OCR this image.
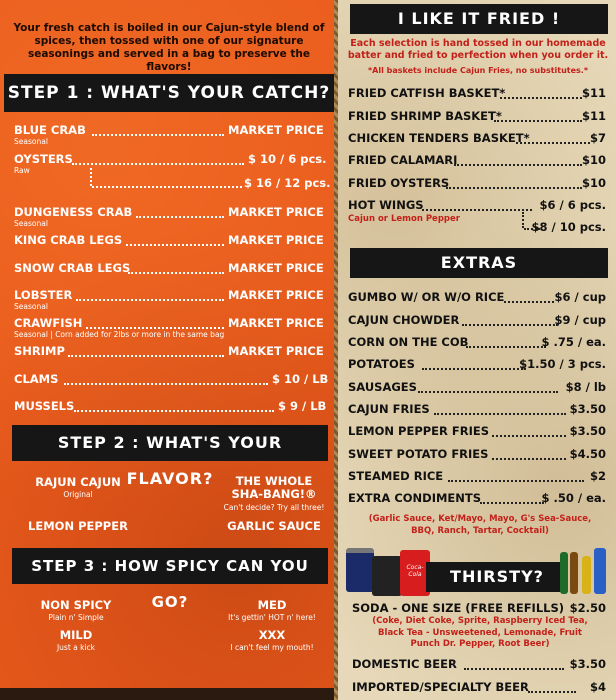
Your fresh catch is boiled in our Cajun-style blend of spices, then tossed with one of our signature seasonings and served in a bag to preserve the flavors!
STEP 1 : WHAT'S YOUR CATCH?
BLUE CRAB	MARKET PRICE
Seasonal
OYSTERS	$ 10 / 6 pcs.
Raw
$ 16 / 12 pcs.
DUNGENESS CRAB	MARKET PRICE
Seasonal
KING CRAB LEGS	MARKET PRICE
SNOW CRAB LEGS	MARKET PRICE
LOBSTER	MARKET PRICE
Seasonal
CRAWFISH	MARKET PRICE
Seasonal | Corn added for 2lbs or more in the same bag
SHRIMP	MARKET PRICE
CLAMS	$ 10 / LB
MUSSELS	$ 9 / LB
STEP 2 : WHAT'S YOUR FLAVOR?
RAJUN CAJUN
Original
THE WHOLE SHA-BANG!®
Can't decide? Try all three!
LEMON PEPPER	GARLIC SAUCE
STEP 3 : HOW SPICY CAN YOU GO?
NON SPICY
Plain n' Simple
MED
It's gettin' HOT n' here!
MILD
Just a kick
XXX
I can't feel my mouth!
I LIKE IT FRIED !
Each selection is hand tossed in our homemade batter and fried to perfection when you order it.
*All baskets include Cajun Fries, no substitutes.*
FRIED CATFISH BASKET*	$11
FRIED SHRIMP BASKET*	$11
CHICKEN TENDERS BASKET*	$7
FRIED CALAMARI	$10
FRIED OYSTERS	$10
HOT WINGS	$6 / 6 pcs.
Cajun or Lemon Pepper
$8 / 10 pcs.
EXTRAS
GUMBO W/ OR W/O RICE	$6 / cup
CAJUN CHOWDER	$9 / cup
CORN ON THE COB	$ .75 / ea.
POTATOES	$1.50 / 3 pcs.
SAUSAGES	$8 / lb
CAJUN FRIES	$3.50
LEMON PEPPER FRIES	$3.50
SWEET POTATO FRIES	$4.50
STEAMED RICE	$2
EXTRA CONDIMENTS	$ .50 / ea.
(Garlic Sauce, Ket/Mayo, Mayo, G's Sea-Sauce, BBQ, Ranch, Tartar, Cocktail)
Coca-Cola	THIRSTY?
SODA - ONE SIZE (FREE REFILLS) $2.50
(Coke, Diet Coke, Sprite, Raspberry Iced Tea, Black Tea - Unsweetened, Lemonade, Fruit Punch Dr. Pepper, Root Beer)
DOMESTIC BEER	$3.50
IMPORTED/SPECIALTY BEER	$4
